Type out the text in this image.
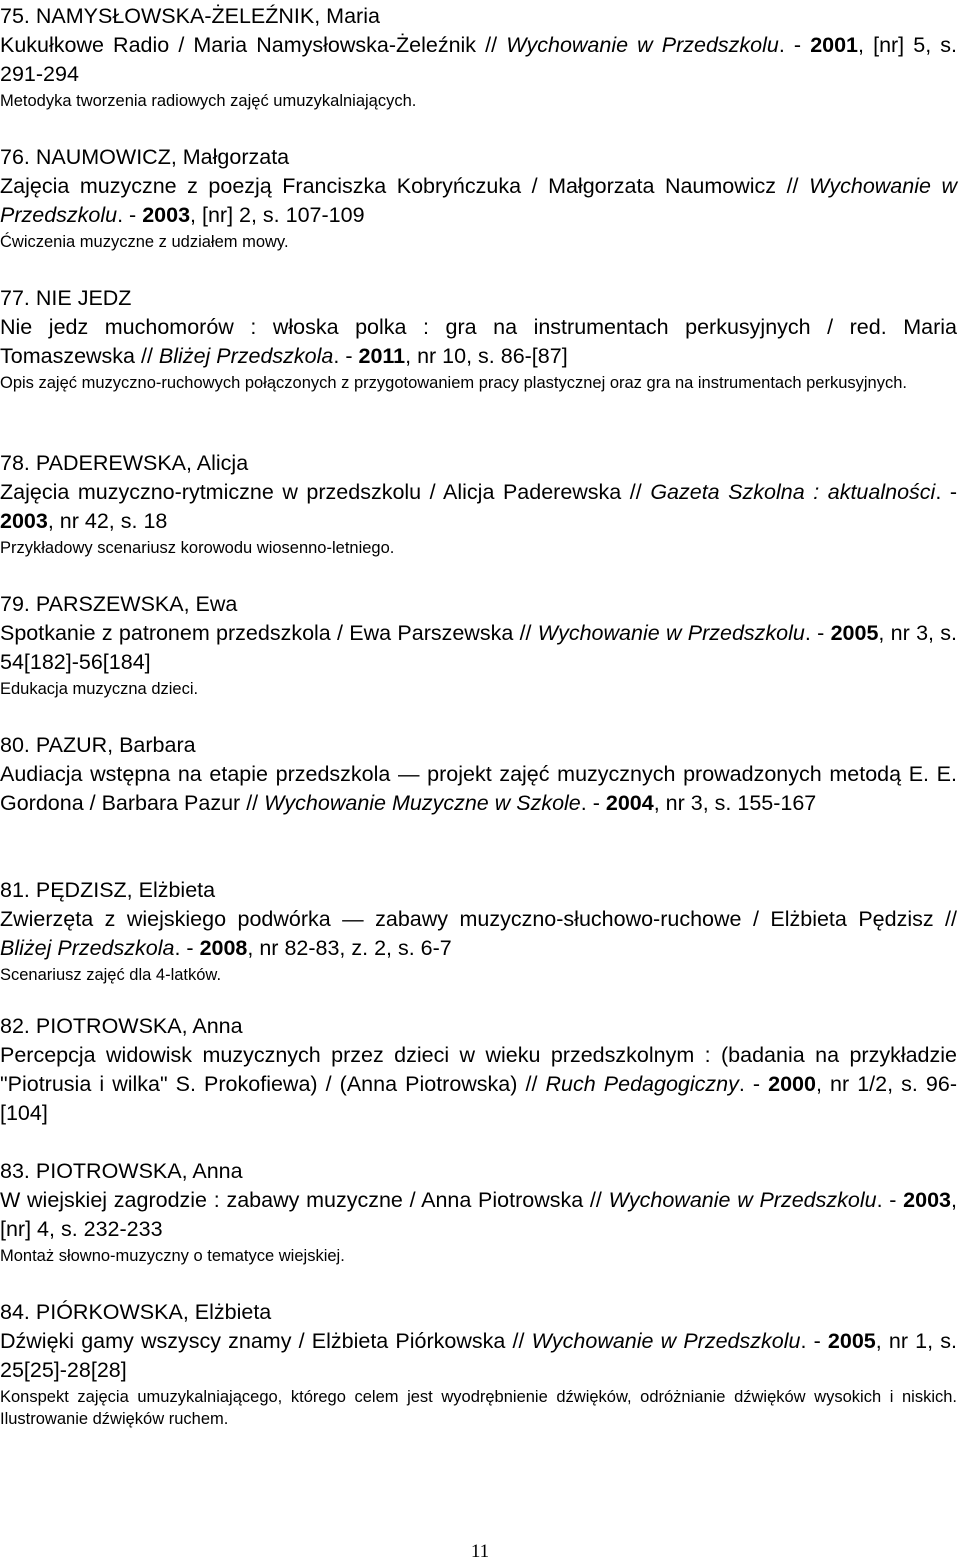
75. NAMYSŁOWSKA-ŻELEŹNIK, Maria
Kukułkowe Radio / Maria Namysłowska-Żeleźnik // Wychowanie w Przedszkolu. - 2001, [nr] 5, s. 291-294
Metodyka tworzenia radiowych zajęć umuzykalniających.
76. NAUMOWICZ, Małgorzata
Zajęcia muzyczne z poezją Franciszka Kobryńczuka / Małgorzata Naumowicz // Wychowanie w Przedszkolu. - 2003, [nr] 2, s. 107-109
Ćwiczenia muzyczne z udziałem mowy.
77. NIE JEDZ
Nie jedz muchomorów : włoska polka : gra na instrumentach perkusyjnych / red. Maria Tomaszewska // Bliżej Przedszkola. - 2011, nr 10, s. 86-[87]
Opis zajęć muzyczno-ruchowych połączonych z przygotowaniem pracy plastycznej oraz gra na instrumentach perkusyjnych.
78. PADEREWSKA, Alicja
Zajęcia muzyczno-rytmiczne w przedszkolu / Alicja Paderewska // Gazeta Szkolna : aktualności. - 2003, nr 42, s. 18
Przykładowy scenariusz korowodu wiosenno-letniego.
79. PARSZEWSKA, Ewa
Spotkanie z patronem przedszkola / Ewa Parszewska // Wychowanie w Przedszkolu. - 2005, nr 3, s. 54[182]-56[184]
Edukacja muzyczna dzieci.
80. PAZUR, Barbara
Audiacja wstępna na etapie przedszkola — projekt zajęć muzycznych prowadzonych metodą E. E. Gordona / Barbara Pazur // Wychowanie Muzyczne w Szkole. - 2004, nr 3, s. 155-167
81. PĘDZISZ, Elżbieta
Zwierzęta z wiejskiego podwórka — zabawy muzyczno-słuchowo-ruchowe / Elżbieta Pędzisz // Bliżej Przedszkola. - 2008, nr 82-83, z. 2, s. 6-7
Scenariusz zajęć dla 4-latków.
82. PIOTROWSKA, Anna
Percepcja widowisk muzycznych przez dzieci w wieku przedszkolnym : (badania na przykładzie "Piotrusia i wilka" S. Prokofiewa) / (Anna Piotrowska) // Ruch Pedagogiczny. - 2000, nr 1/2, s. 96-[104]
83. PIOTROWSKA, Anna
W wiejskiej zagrodzie : zabawy muzyczne / Anna Piotrowska // Wychowanie w Przedszkolu. - 2003, [nr] 4, s. 232-233
Montaż słowno-muzyczny o tematyce wiejskiej.
84. PIÓRKOWSKA, Elżbieta
Dźwięki gamy wszyscy znamy / Elżbieta Piórkowska // Wychowanie w Przedszkolu. - 2005, nr 1, s. 25[25]-28[28]
Konspekt zajęcia umuzykalniającego, którego celem jest wyodrębnienie dźwięków, odróżnianie dźwięków wysokich i niskich. Ilustrowanie dźwięków ruchem.
11
